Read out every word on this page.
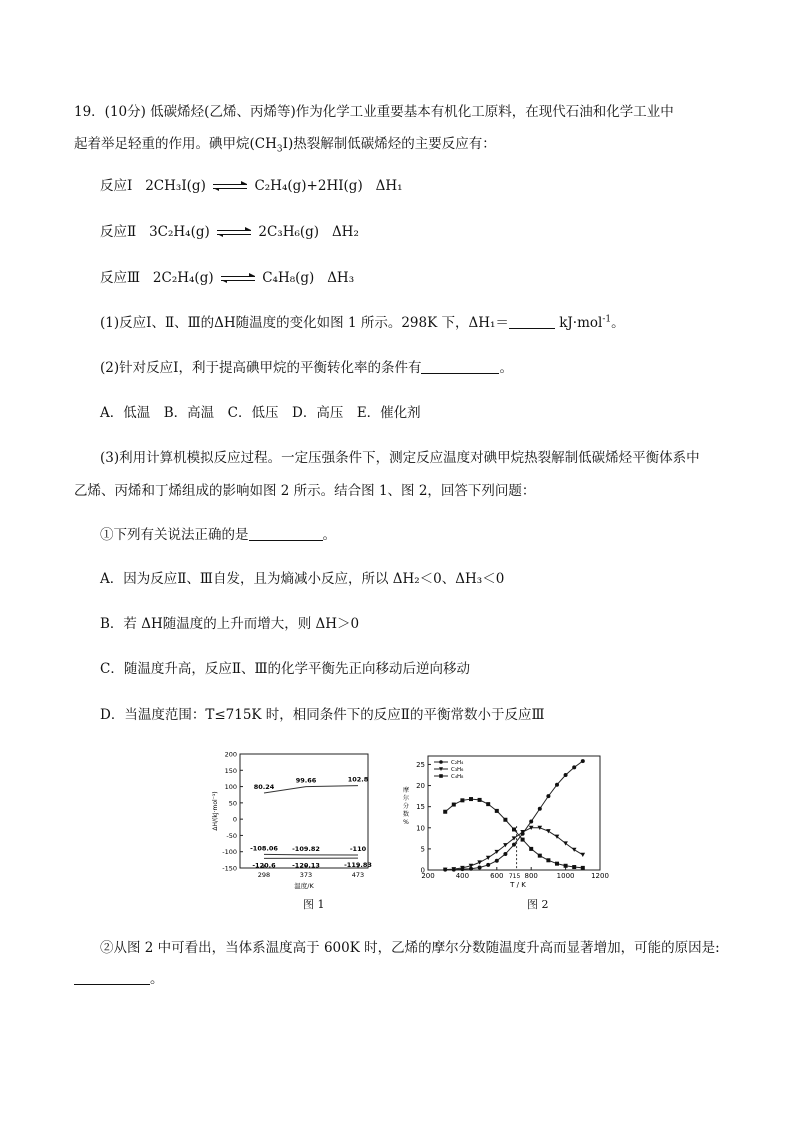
19．(10分) 低碳烯烃(乙烯、丙烯等)作为化学工业重要基本有机化工原料，在现代石油和化学工业中
起着举足轻重的作用。碘甲烷$(CH_3I)$热裂解制低碳烯烃的主要反应有：
反应Ⅰ 2CH₃I(g)	C₂H₄(g)+2HI(g) ΔH₁
反应Ⅱ 3C₂H₄(g)	2C₃H₆(g) ΔH₂
反应Ⅲ 2C₂H₄(g)	C₄H₈(g) ΔH₃
(1)反应Ⅰ、Ⅱ、Ⅲ的ΔH随温度的变化如图 1 所示。298K 下，ΔH₁＝	kJ·mol$^{-1}$。
(2)针对反应Ⅰ，利于提高碘甲烷的平衡转化率的条件有	。
A．低温　B．高温　C．低压　D．高压　E．催化剂
(3)利用计算机模拟反应过程。一定压强条件下，测定反应温度对碘甲烷热裂解制低碳烯烃平衡体系中
乙烯、丙烯和丁烯组成的影响如图 2 所示。结合图 1、图 2，回答下列问题：
①下列有关说法正确的是	。
A．因为反应Ⅱ、Ⅲ自发，且为熵减小反应，所以 ΔH₂＜0、ΔH₃＜0
B．若 ΔH随温度的上升而增大，则 ΔH＞0
C．随温度升高，反应Ⅱ、Ⅲ的化学平衡先正向移动后逆向移动
D．当温度范围：T≤715K 时，相同条件下的反应Ⅱ的平衡常数小于反应Ⅲ
-150
-100
-50
0
50
100
150
200
298	373	473
温度/K
ΔH/(kJ·mol⁻¹)
80.24
99.66	102.8
-108.06 -109.82	-110
-120.6	-120.13	-119.83
图 1
0
5
10
15
20
25
200	400	600	800	1000 1200
715
T / K
摩
尔
分
数
%
C₂H₄
C₃H₆
C₄H₈
图 2
②从图 2 中可看出，当体系温度高于 600K 时，乙烯的摩尔分数随温度升高而显著增加，可能的原因是:
。
